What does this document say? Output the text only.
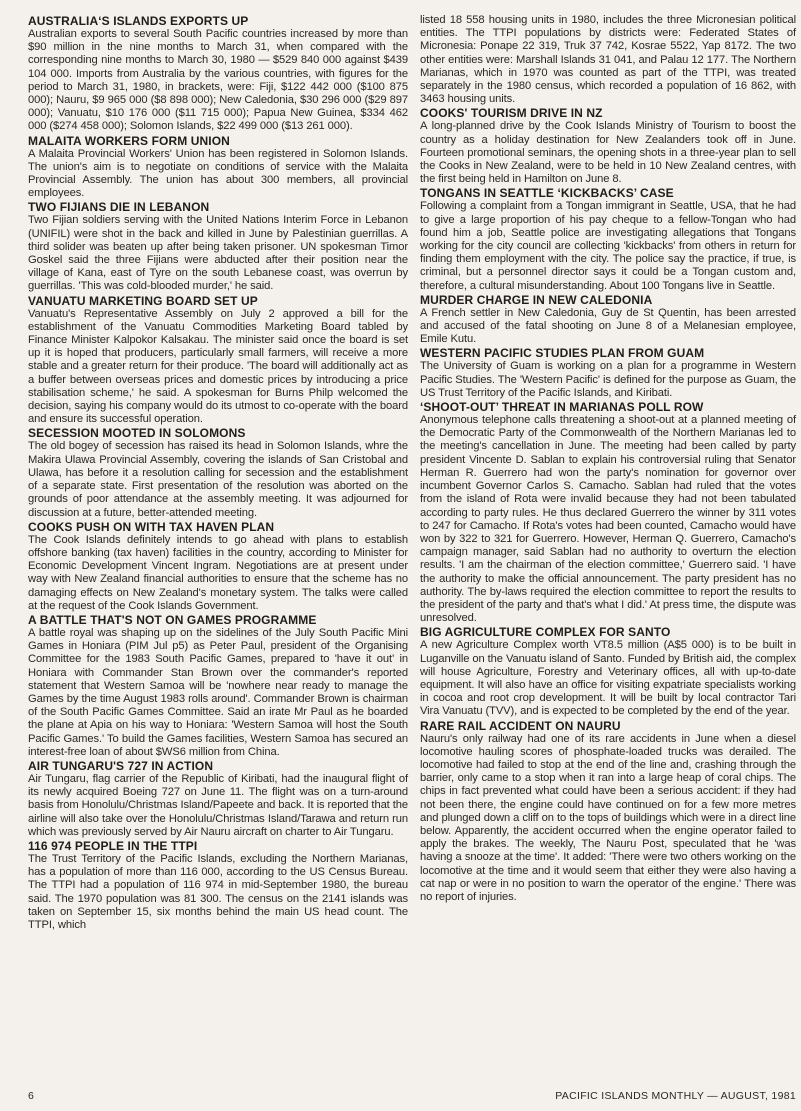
AUSTRALIA‘S ISLANDS EXPORTS UP

Australian exports to several South Pacific countries increased by more than $90 million in the nine months to March 31, when compared with the corresponding nine months to March 30, 1980 — $529 840 000 against $439 104 000. Imports from Australia by the various countries, with figures for the period to March 31, 1980, in brackets, were: Fiji, $122 442 000 ($100 875 000); Nauru, $9 965 000 ($8 898 000); New Caledonia, $30 296 000 ($29 897 000); Vanuatu, $10 176 000 ($11 715 000); Papua New Guinea, $334 462 000 ($274 458 000); Solomon Islands, $22 499 000 ($13 261 000).

MALAITA WORKERS FORM UNION

A Malaita Provincial Workers' Union has been registered in Solomon Islands. The union's aim is to negotiate on conditions of service with the Malaita Provincial Assembly. The union has about 300 members, all provincial employees.

TWO FIJIANS DIE IN LEBANON

Two Fijian soldiers serving with the United Nations Interim Force in Lebanon (UNIFIL) were shot in the back and killed in June by Palestinian guerrillas. A third solider was beaten up after being taken prisoner. UN spokesman Timor Goskel said the three Fijians were abducted after their position near the village of Kana, east of Tyre on the south Lebanese coast, was overrun by guerrillas. 'This was cold-blooded murder,' he said.

VANUATU MARKETING BOARD SET UP

Vanuatu's Representative Assembly on July 2 approved a bill for the establishment of the Vanuatu Commodities Marketing Board tabled by Finance Minister Kalpokor Kalsakau. The minister said once the board is set up it is hoped that producers, particularly small farmers, will receive a more stable and a greater return for their produce. 'The board will additionally act as a buffer between overseas prices and domestic prices by introducing a price stabilisation scheme,' he said. A spokesman for Burns Philp welcomed the decision, saying his company would do its utmost to co-operate with the board and ensure its successful operation.

SECESSION MOOTED IN SOLOMONS

The old bogey of secession has raised its head in Solomon Islands, whre the Makira Ulawa Provincial Assembly, covering the islands of San Cristobal and Ulawa, has before it a resolution calling for secession and the establishment of a separate state. First presentation of the resolution was aborted on the grounds of poor attendance at the assembly meeting. It was adjourned for discussion at a future, better-attended meeting.

COOKS PUSH ON WITH TAX HAVEN PLAN

The Cook Islands definitely intends to go ahead with plans to establish offshore banking (tax haven) facilities in the country, according to Minister for Economic Development Vincent Ingram. Negotiations are at present under way with New Zealand financial authorities to ensure that the scheme has no damaging effects on New Zealand's monetary system. The talks were called at the request of the Cook Islands Government.

A BATTLE THAT'S NOT ON GAMES PROGRAMME

A battle royal was shaping up on the sidelines of the July South Pacific Mini Games in Honiara (PIM Jul p5) as Peter Paul, president of the Organising Committee for the 1983 South Pacific Games, prepared to 'have it out' in Honiara with Commander Stan Brown over the commander's reported statement that Western Samoa will be 'nowhere near ready to manage the Games by the time August 1983 rolls around'. Commander Brown is chairman of the South Pacific Games Committee. Said an irate Mr Paul as he boarded the plane at Apia on his way to Honiara: 'Western Samoa will host the South Pacific Games.' To build the Games facilities, Western Samoa has secured an interest-free loan of about $WS6 million from China.

AIR TUNGARU'S 727 IN ACTION

Air Tungaru, flag carrier of the Republic of Kiribati, had the inaugural flight of its newly acquired Boeing 727 on June 11. The flight was on a turn-around basis from Honolulu/Christmas Island/Papeete and back. It is reported that the airline will also take over the Honolulu/Christmas Island/Tarawa and return run which was previously served by Air Nauru aircraft on charter to Air Tungaru.

116 974 PEOPLE IN THE TTPI

The Trust Territory of the Pacific Islands, excluding the Northern Marianas, has a population of more than 116 000, according to the US Census Bureau. The TTPI had a population of 116 974 in mid-September 1980, the bureau said. The 1970 population was 81 300. The census on the 2141 islands was taken on September 15, six months behind the main US head count. The TTPI, which

listed 18 558 housing units in 1980, includes the three Micronesian political entities. The TTPI populations by districts were: Federated States of Micronesia: Ponape 22 319, Truk 37 742, Kosrae 5522, Yap 8172. The two other entities were: Marshall Islands 31 041, and Palau 12 177. The Northern Marianas, which in 1970 was counted as part of the TTPI, was treated separately in the 1980 census, which recorded a population of 16 862, with 3463 housing units.

COOKS' TOURISM DRIVE IN NZ

A long-planned drive by the Cook Islands Ministry of Tourism to boost the country as a holiday destination for New Zealanders took off in June. Fourteen promotional seminars, the opening shots in a three-year plan to sell the Cooks in New Zealand, were to be held in 10 New Zealand centres, with the first being held in Hamilton on June 8.

TONGANS IN SEATTLE ‘KICKBACKS’ CASE

Following a complaint from a Tongan immigrant in Seattle, USA, that he had to give a large proportion of his pay cheque to a fellow-Tongan who had found him a job, Seattle police are investigating allegations that Tongans working for the city council are collecting 'kickbacks' from others in return for finding them employment with the city. The police say the practice, if true, is criminal, but a personnel director says it could be a Tongan custom and, therefore, a cultural misunderstanding. About 100 Tongans live in Seattle.

MURDER CHARGE IN NEW CALEDONIA

A French settler in New Caledonia, Guy de St Quentin, has been arrested and accused of the fatal shooting on June 8 of a Melanesian employee, Emile Kutu.

WESTERN PACIFIC STUDIES PLAN FROM GUAM

The University of Guam is working on a plan for a programme in Western Pacific Studies. The 'Western Pacific' is defined for the purpose as Guam, the US Trust Territory of the Pacific Islands, and Kiribati.

‘SHOOT-OUT’ THREAT IN MARIANAS POLL ROW

Anonymous telephone calls threatening a shoot-out at a planned meeting of the Democratic Party of the Commonwealth of the Northern Marianas led to the meeting's cancellation in June. The meeting had been called by party president Vincente D. Sablan to explain his controversial ruling that Senator Herman R. Guerrero had won the party's nomination for governor over incumbent Governor Carlos S. Camacho. Sablan had ruled that the votes from the island of Rota were invalid because they had not been tabulated according to party rules. He thus declared Guerrero the winner by 311 votes to 247 for Camacho. If Rota's votes had been counted, Camacho would have won by 322 to 321 for Guerrero. However, Herman Q. Guerrero, Camacho's campaign manager, said Sablan had no authority to overturn the election results. 'I am the chairman of the election committee,' Guerrero said. 'I have the authority to make the official announcement. The party president has no authority. The by-laws required the election committee to report the results to the president of the party and that's what I did.' At press time, the dispute was unresolved.

BIG AGRICULTURE COMPLEX FOR SANTO

A new Agriculture Complex worth VT8.5 million (A$5 000) is to be built in Luganville on the Vanuatu island of Santo. Funded by British aid, the complex will house Agriculture, Forestry and Veterinary offices, all with up-to-date equipment. It will also have an office for visiting expatriate specialists working in cocoa and root crop development. It will be built by local contractor Tari Vira Vanuatu (TVV), and is expected to be completed by the end of the year.

RARE RAIL ACCIDENT ON NAURU

Nauru's only railway had one of its rare accidents in June when a diesel locomotive hauling scores of phosphate-loaded trucks was derailed. The locomotive had failed to stop at the end of the line and, crashing through the barrier, only came to a stop when it ran into a large heap of coral chips. The chips in fact prevented what could have been a serious accident: if they had not been there, the engine could have continued on for a few more metres and plunged down a cliff on to the tops of buildings which were in a direct line below. Apparently, the accident occurred when the engine operator failed to apply the brakes. The weekly, The Nauru Post, speculated that he 'was having a snooze at the time'. It added: 'There were two others working on the locomotive at the time and it would seem that either they were also having a cat nap or were in no position to warn the operator of the engine.' There was no report of injuries.

6	PACIFIC ISLANDS MONTHLY — AUGUST, 1981
